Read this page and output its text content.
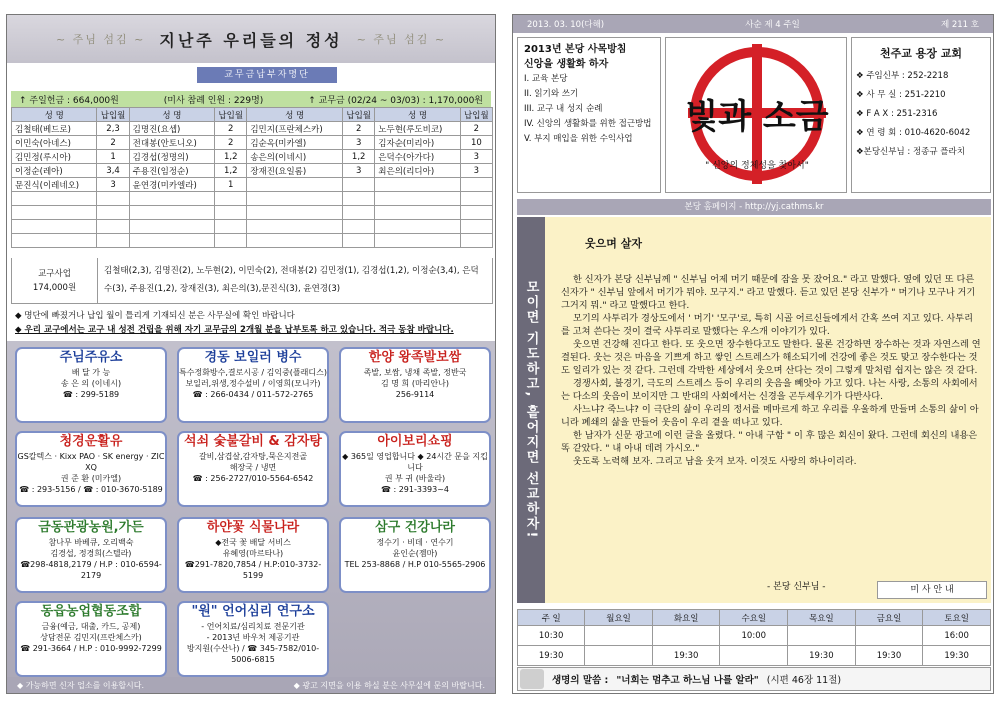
~ 주님 섬김 ~ 지난주 우리들의 정성 ~ 주님 섬김 ~
교무금납부자명단
↑ 주일헌금 : 664,000원	(미사 참례 인원 : 229명)	↑ 교무금 (02/24 ~ 03/03) : 1,170,000원
성 명	납입월	성 명	납입월	성 명	납입월	성 명	납입월
김철태(베드로)	2,3	김명진(요셉)	2	김민지(프란체스카)	2	노두현(루도비코)	2
이민숙(아네스)	2	전대봉(안토니오)	2	김순옥(미카엘)	3	김자순(미리아)	10
김민정(루시아)	1	김경섭(정명의)	1,2	송은의(이네시)	1,2	은덕수(아가다)	3
이정순(레아)	3,4	주용진(임정순)	1,2	장재진(요일롬)	3	최은의(리디아)	3
문진식(이레네오)	3	윤연경(미카엘라)	1				

교구사업
174,000원
김철태(2,3), 김명진(2), 노두현(2), 이민숙(2), 전대봉(2) 김민정(1), 김경섭(1,2), 이정순(3,4), 은덕수(3), 주용진(1,2), 장재진(3), 최은의(3),문진식(3), 윤연경(3)
◆ 명단에 빠졌거나 납입 월이 틀리게 기재되신 분은 사무실에 확인 바랍니다
◆ 우리 교구에서는 교구 내 성전 건립을 위해 자기 교무금의 2개월 분을 납부토록 하고 있습니다. 적극 동참 바랍니다.
주님주유소
배 달 가 능
송 은 의 (이네시)
☎ : 299-5189
경동 보일러 병수
특수정화방수,결로시공 / 김익중(플래디스)
보일러,위생,정수설비 / 이영희(모니카)
☎ : 266-0434 / 011-572-2765
한양 왕족발보쌈
족발, 보쌈, 냉채 족발, 정반국
김 명 희 (마리안나)
256-9114
청경운활유
GS칼텍스 · Kixx PAO · SK energy · ZIC XQ
권 준 환 (미카엘)
☎ : 293-5156 / ☎ : 010-3670-5189
석쇠 숯불갈비 & 감자탕
갈비,삼겹살,감자탕,묵은지전골
해장국 / 냉면
☎ : 256-2727/010-5564-6542
아이보리쇼핑
◆ 365일 영업합니다 ◆ 24시간 문을 지킵니다
권 부 귀 (바울라)
☎ : 291-3393~4
금동관광농원,가든
참나무 바베큐, 오리백숙
김경섭, 정경희(스텔라)
☎298-4818,2179 / H.P : 010-6594-2179
하얀꽃 식물나라
◆전국 꽃 배달 서비스
유혜영(마르타나)
☎291-7820,7854 / H.P:010-3732-5199
삼구 건강나라
정수기 · 비데 · 연수기
윤인순(젬마)
TEL 253-8868 / H.P 010-5565-2906
동읍농업협동조합
금융(예금, 대출, 카드, 공제)
상담전문 김민지(프란체스카)
☎ 291-3664 / H.P : 010-9992-7299
"원" 언어심리 연구소
- 언어치료/심리치료 전문기관
- 2013년 바우처 제공기관
방지원(수산나) / ☎ 345-7582/010-5006-6815
◆ 가능하면 신자 업소를 이용합시다.	◆ 광고 지면을 이용 하실 분은 사무실에 문의 바랍니다.
2013. 03. 10(다해)	사순 제 4 주일	제 211 호
2013년 본당 사목방침
신앙을 생활화 하자
I. 교육 본당
II. 읽기와 쓰기
III. 교구 내 성지 순례
IV. 신앙의 생활화를 위한 접근방법
V. 부지 매입을 위한 수익사업
빛과 소금
" 신앙의 정체성을 찾아서"
천주교 용장 교회
❖ 주임신부 : 252-2218
❖ 사 무 실 : 251-2210
❖ F A X : 251-2316
❖ 연 령 회 : 010-4620-6042
❖본당신부님 : 정종규 플라치
본당 홈페이지 - http://yj.cathms.kr
모이면 기도하고, 흩어지면 선교하자!
웃으며 살자

한 신자가 본당 신부님께 " 신부님 어제 머기 때문에 잠을 못 잤어요." 라고 말했다. 옆에 있던 또 다른 신자가 " 신부님 앞에서 머기가 뭐야. 모구지." 라고 말했다. 듣고 있던 본당 신부가 " 머기나 모구나 거기 그거지 뭐." 라고 말했다고 한다.

모기의 사투리가 경상도에서 ' 머기' '모구'로, 특히 시골 어르신들에게서 간혹 쓰여 지고 있다. 사투리를 고쳐 쓴다는 것이 결국 사투리로 말했다는 우스개 이야기가 있다.

웃으면 건강해 진다고 한다. 또 웃으면 장수한다고도 말한다. 물론 건강하면 장수하는 것과 자연스레 연결된다. 웃는 것은 마음을 기쁘게 하고 쌓인 스트레스가 해소되기에 건강에 좋은 것도 맞고 장수한다는 것도 일리가 있는 것 같다. 그런데 각박한 세상에서 웃으며 산다는 것이 그렇게 말처럼 쉽지는 않은 것 같다.

경쟁사회, 불경기, 극도의 스트레스 등이 우리의 웃음을 빼앗아 가고 있다. 나는 사랑, 소통의 사회에서는 다소의 웃음이 보이지만 그 반대의 사회에서는 신경을 곤두세우기가 다반사다.

사느냐? 죽느냐? 이 극단의 삶이 우리의 정서를 메마르게 하고 우리를 우울하게 만들며 소통의 삶이 아니라 폐쇄의 삶을 만들어 웃음이 우리 곁을 떠나고 있다.

한 남자가 신문 광고에 이런 글을 올렸다. " 아내 구함 " 이 후 많은 회신이 왔다. 그런데 회신의 내용은 똑 같았다. " 내 아내 데려 가시오."

웃도록 노력해 보자. 그리고 남을 웃겨 보자. 이것도 사랑의 하나이리라.

- 본당 신부님 -	미 사 안 내
주 일	월요일	화요일	수요일	목요일	금요일	토요일
10:30			10:00			16:00
19:30		19:30		19:30	19:30	19:30
생명의 말씀 : "너희는 멈추고 하느님 나를 알라" (시편 46장 11절)
